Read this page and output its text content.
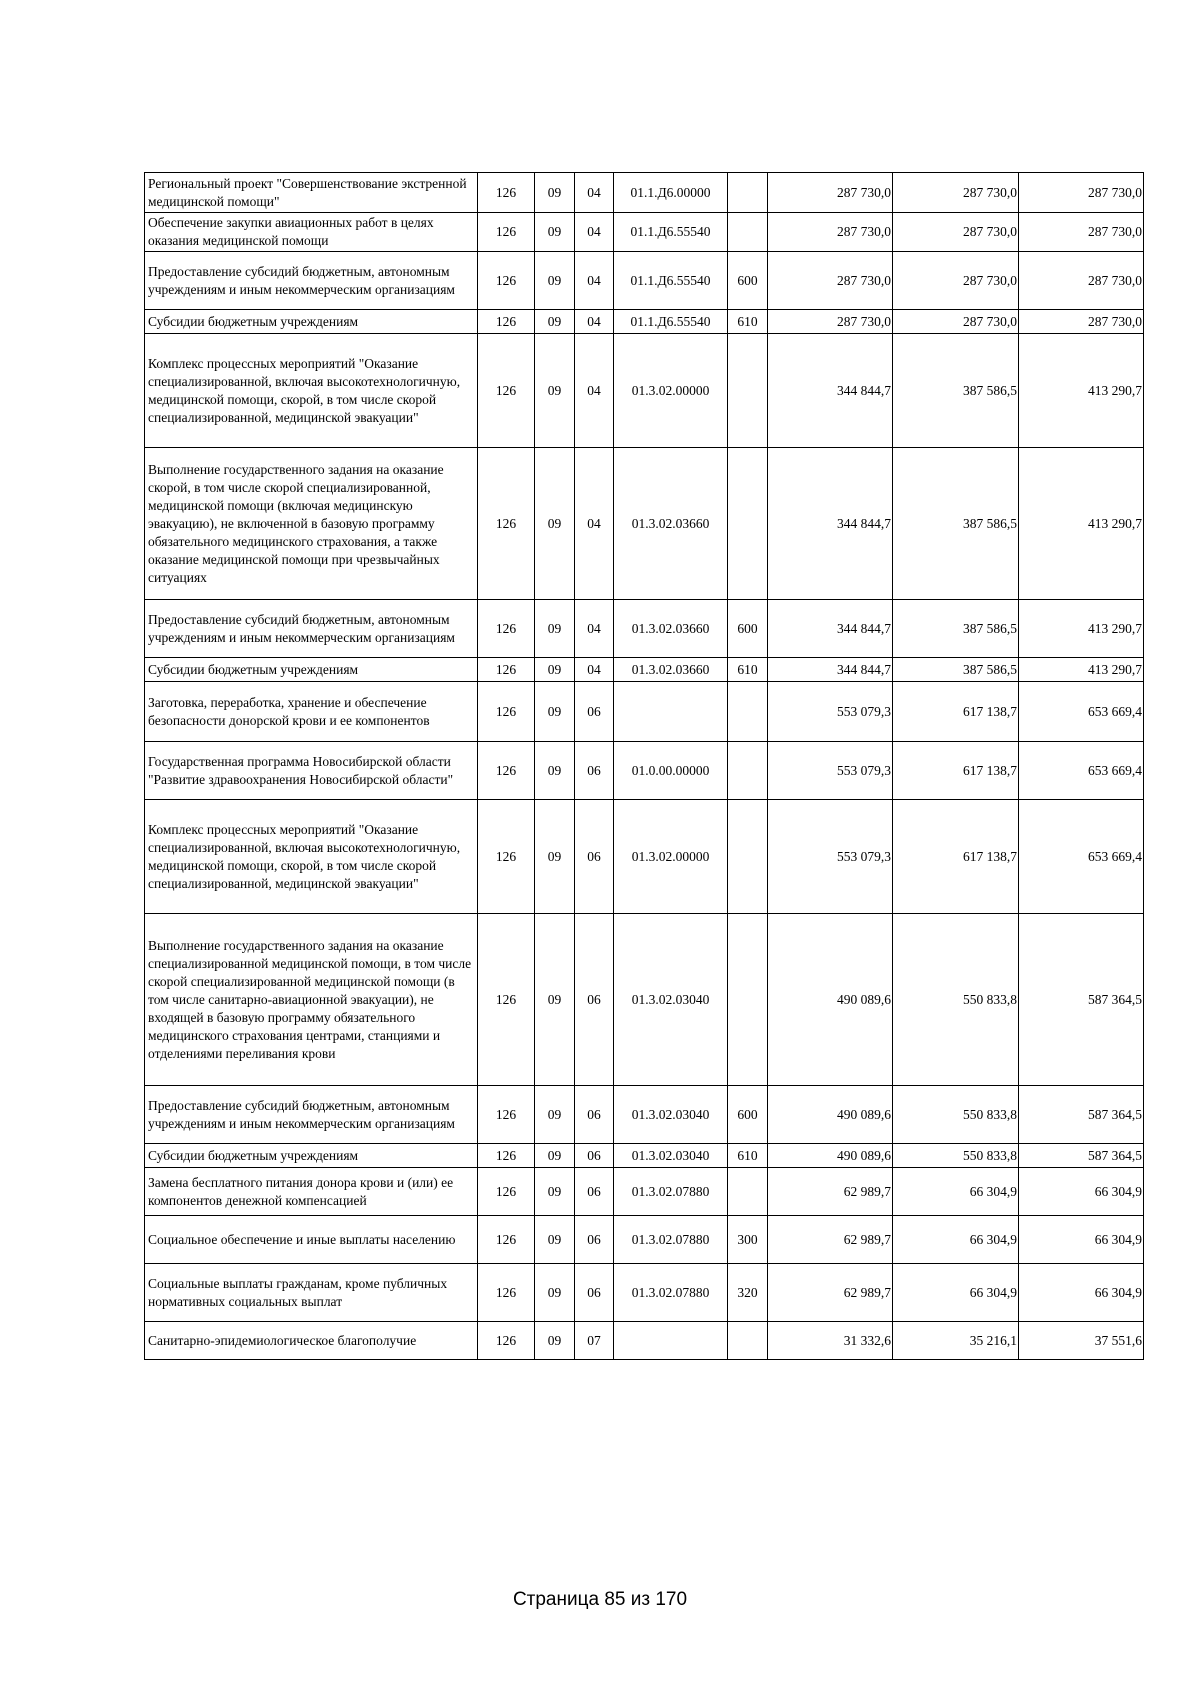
Региональный проект "Совершенствование экстренной медицинской помощи"	126	09	04	01.1.Д6.00000		287 730,0	287 730,0	287 730,0
Обеспечение закупки авиационных работ в целях оказания медицинской помощи	126	09	04	01.1.Д6.55540		287 730,0	287 730,0	287 730,0
Предоставление субсидий бюджетным, автономным учреждениям и иным некоммерческим организациям	126	09	04	01.1.Д6.55540	600	287 730,0	287 730,0	287 730,0
Субсидии бюджетным учреждениям	126	09	04	01.1.Д6.55540	610	287 730,0	287 730,0	287 730,0
Комплекс процессных мероприятий "Оказание специализированной, включая высокотехнологичную, медицинской помощи, скорой, в том числе скорой специализированной, медицинской эвакуации"	126	09	04	01.3.02.00000		344 844,7	387 586,5	413 290,7
Выполнение государственного задания на оказание скорой, в том числе скорой специализированной, медицинской помощи (включая медицинскую эвакуацию), не включенной в базовую программу обязательного медицинского страхования, а также оказание медицинской помощи при чрезвычайных ситуациях	126	09	04	01.3.02.03660		344 844,7	387 586,5	413 290,7
Предоставление субсидий бюджетным, автономным учреждениям и иным некоммерческим организациям	126	09	04	01.3.02.03660	600	344 844,7	387 586,5	413 290,7
Субсидии бюджетным учреждениям	126	09	04	01.3.02.03660	610	344 844,7	387 586,5	413 290,7
Заготовка, переработка, хранение и обеспечение безопасности донорской крови и ее компонентов	126	09	06			553 079,3	617 138,7	653 669,4
Государственная программа Новосибирской области "Развитие здравоохранения Новосибирской области"	126	09	06	01.0.00.00000		553 079,3	617 138,7	653 669,4
Комплекс процессных мероприятий "Оказание специализированной, включая высокотехнологичную, медицинской помощи, скорой, в том числе скорой специализированной, медицинской эвакуации"	126	09	06	01.3.02.00000		553 079,3	617 138,7	653 669,4
Выполнение государственного задания на оказание специализированной медицинской помощи, в том числе скорой специализированной медицинской помощи (в том числе санитарно-авиационной эвакуации), не входящей в базовую программу обязательного медицинского страхования центрами, станциями и отделениями переливания крови	126	09	06	01.3.02.03040		490 089,6	550 833,8	587 364,5
Предоставление субсидий бюджетным, автономным учреждениям и иным некоммерческим организациям	126	09	06	01.3.02.03040	600	490 089,6	550 833,8	587 364,5
Субсидии бюджетным учреждениям	126	09	06	01.3.02.03040	610	490 089,6	550 833,8	587 364,5
Замена бесплатного питания донора крови и (или) ее компонентов денежной компенсацией	126	09	06	01.3.02.07880		62 989,7	66 304,9	66 304,9
Социальное обеспечение и иные выплаты населению	126	09	06	01.3.02.07880	300	62 989,7	66 304,9	66 304,9
Социальные выплаты гражданам, кроме публичных нормативных социальных выплат	126	09	06	01.3.02.07880	320	62 989,7	66 304,9	66 304,9
Санитарно-эпидемиологическое благополучие	126	09	07			31 332,6	35 216,1	37 551,6
Страница 85 из 170
